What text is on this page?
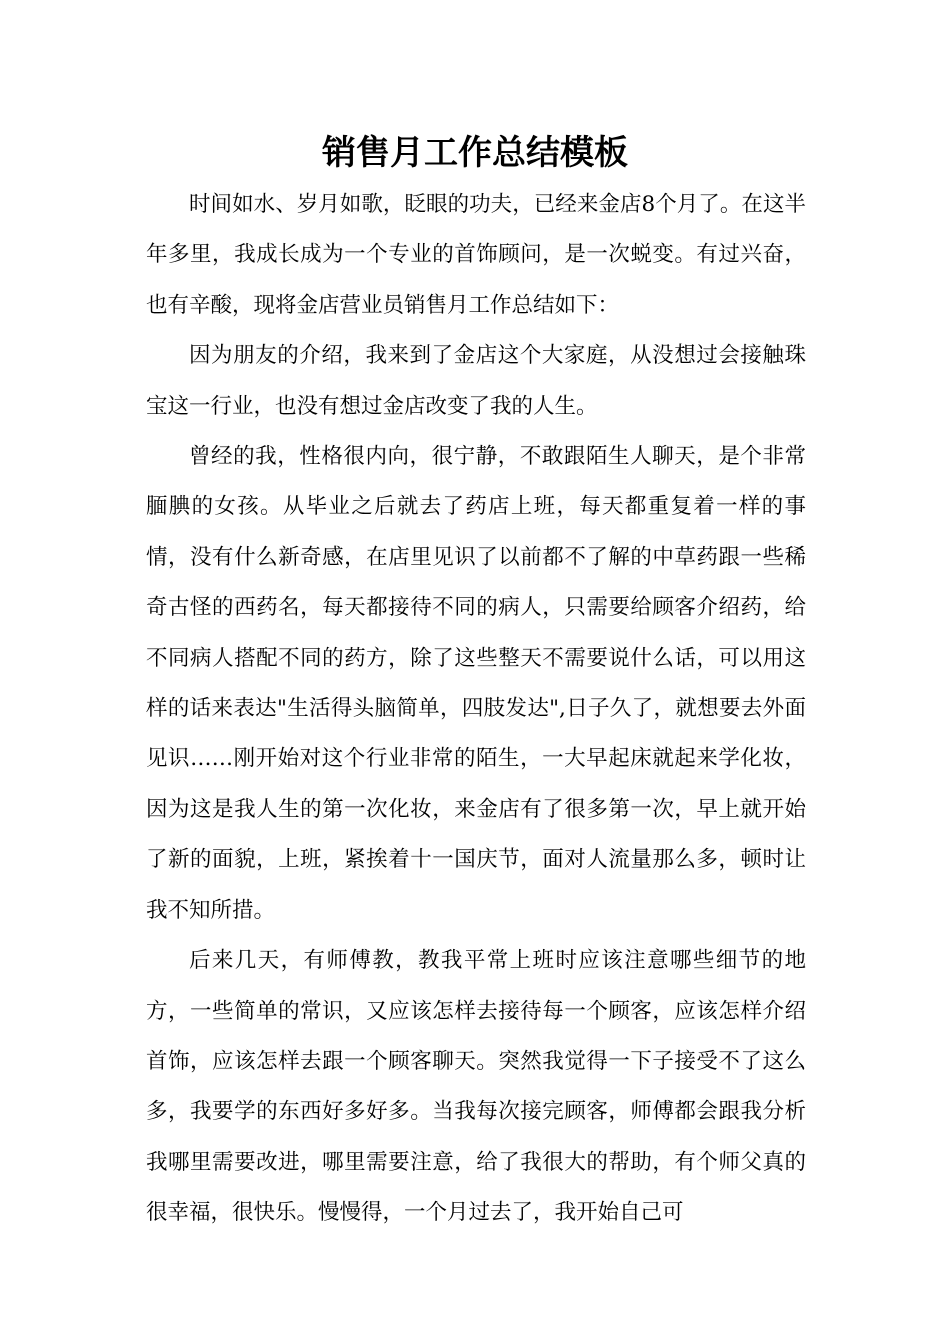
销售月工作总结模板

时间如水、岁月如歌，眨眼的功夫，已经来金店8个月了。在这半年多里，我成长成为一个专业的首饰顾问，是一次蜕变。有过兴奋，也有辛酸，现将金店营业员销售月工作总结如下：

因为朋友的介绍，我来到了金店这个大家庭，从没想过会接触珠宝这一行业，也没有想过金店改变了我的人生。

曾经的我，性格很内向，很宁静，不敢跟陌生人聊天，是个非常腼腆的女孩。从毕业之后就去了药店上班，每天都重复着一样的事情，没有什么新奇感，在店里见识了以前都不了解的中草药跟一些稀奇古怪的西药名，每天都接待不同的病人，只需要给顾客介绍药，给不同病人搭配不同的药方，除了这些整天不需要说什么话，可以用这样的话来表达"生活得头脑简单，四肢发达",日子久了，就想要去外面见识……刚开始对这个行业非常的陌生，一大早起床就起来学化妆，因为这是我人生的第一次化妆，来金店有了很多第一次，早上就开始了新的面貌，上班，紧挨着十一国庆节，面对人流量那么多，顿时让我不知所措。

后来几天，有师傅教，教我平常上班时应该注意哪些细节的地方，一些简单的常识，又应该怎样去接待每一个顾客，应该怎样介绍首饰，应该怎样去跟一个顾客聊天。突然我觉得一下子接受不了这么多，我要学的东西好多好多。当我每次接完顾客，师傅都会跟我分析我哪里需要改进，哪里需要注意，给了我很大的帮助，有个师父真的很幸福，很快乐。慢慢得，一个月过去了，我开始自己可
